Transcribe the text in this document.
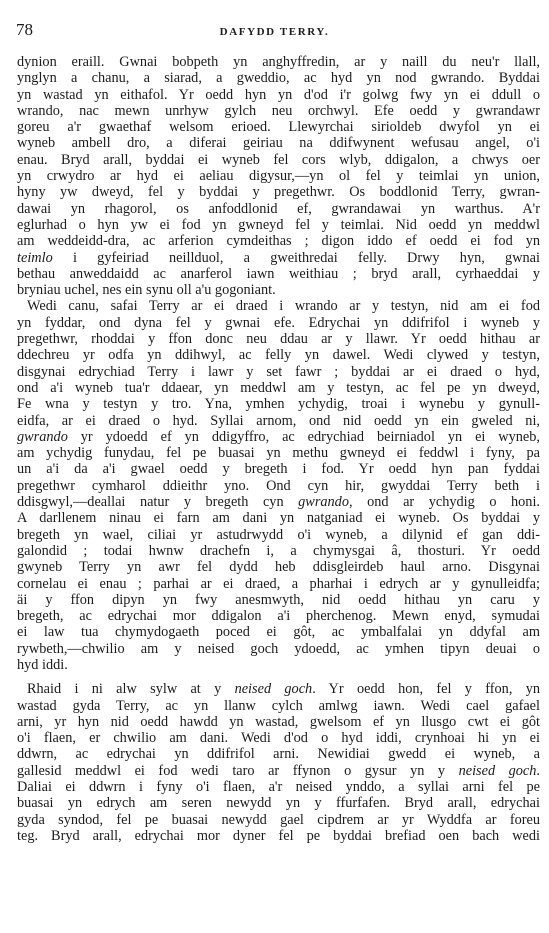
78	DAFYDD TERRY.
dynion eraill. Gwnai bobpeth yn anghyffredin, ar y naill du neu'r llall,
ynglyn a chanu, a siarad, a gweddio, ac hyd yn nod gwrando. Byddai
yn wastad yn eithafol. Yr oedd hyn yn d'od i'r golwg fwy yn ei ddull o
wrando, nac mewn unrhyw gylch neu orchwyl. Efe oedd y gwrandawr
goreu a'r gwaethaf welsom erioed. Llewyrchai sirioldeb dwyfol yn ei
wyneb ambell dro, a diferai geiriau na ddifwynent wefusau angel, o'i
enau. Bryd arall, byddai ei wyneb fel cors wlyb, ddigalon, a chwys oer
yn crwydro ar hyd ei aeliau digysur,—yn ol fel y teimlai yn union,
hyny yw dweyd, fel y byddai y pregethwr. Os boddlonid Terry, gwran-
dawai yn rhagorol, os anfoddlonid ef, gwrandawai yn warthus. A'r
eglurhad o hyn yw ei fod yn gwneyd fel y teimlai. Nid oedd yn meddwl
am weddeidd-dra, ac arferion cymdeithas ; digon iddo ef oedd ei fod yn
teimlo i gyfeiriad neillduol, a gweithredai felly. Drwy hyn, gwnai
bethau anweddaidd ac anarferol iawn weithiau ; bryd arall, cyrhaeddai y
bryniau uchel, nes ein synu oll a'u gogoniant.
Wedi canu, safai Terry ar ei draed i wrando ar y testyn, nid am ei fod
yn fyddar, ond dyna fel y gwnai efe. Edrychai yn ddifrifol i wyneb y
pregethwr, rhoddai y ffon donc neu ddau ar y llawr. Yr oedd hithau ar
ddechreu yr odfa yn ddihwyl, ac felly yn dawel. Wedi clywed y testyn,
disgynai edrychiad Terry i lawr y set fawr ; byddai ar ei draed o hyd,
ond a'i wyneb tua'r ddaear, yn meddwl am y testyn, ac fel pe yn dweyd,
Fe wna y testyn y tro. Yna, ymhen ychydig, troai i wynebu y gynull-
eidfa, ar ei draed o hyd. Syllai arnom, ond nid oedd yn ein gweled ni,
gwrando yr ydoedd ef yn ddigyffro, ac edrychiad beirniadol yn ei wyneb,
am ychydig funydau, fel pe buasai yn methu gwneyd ei feddwl i fyny, pa
un a'i da a'i gwael oedd y bregeth i fod. Yr oedd hyn pan fyddai
pregethwr cymharol ddieithr yno. Ond cyn hir, gwyddai Terry beth i
ddisgwyl,—deallai natur y bregeth cyn gwrando, ond ar ychydig o honi.
A darllenem ninau ei farn am dani yn natganiad ei wyneb. Os byddai y
bregeth yn wael, ciliai yr astudrwydd o'i wyneb, a dilynid ef gan ddi-
galondid ; todai hwnw drachefn i, a chymysgai â, thosturi. Yr oedd
gwyneb Terry yn awr fel dydd heb ddisgleirdeb haul arno. Disgynai
cornelau ei enau ; parhai ar ei draed, a pharhai i edrych ar y gynulleidfa;
äi y ffon dipyn yn fwy anesmwyth, nid oedd hithau yn caru y
bregeth, ac edrychai mor ddigalon a'i pherchenog. Mewn enyd, symudai
ei law tua chymydogaeth poced ei gôt, ac ymbalfalai yn ddyfal am
rywbeth,—chwilio am y neised goch ydoedd, ac ymhen tipyn deuai o
hyd iddi.
Rhaid i ni alw sylw at y neised goch. Yr oedd hon, fel y ffon, yn
wastad gyda Terry, ac yn llanw cylch amlwg iawn. Wedi cael gafael
arni, yr hyn nid oedd hawdd yn wastad, gwelsom ef yn llusgo cwt ei gôt
o'i flaen, er chwilio am dani. Wedi d'od o hyd iddi, crynhoai hi yn ei
ddwrn, ac edrychai yn ddifrifol arni. Newidiai gwedd ei wyneb, a
gallesid meddwl ei fod wedi taro ar ffynon o gysur yn y neised goch.
Daliai ei ddwrn i fyny o'i flaen, a'r neised ynddo, a syllai arni fel pe
buasai yn edrych am seren newydd yn y ffurfafen. Bryd arall, edrychai
gyda syndod, fel pe buasai newydd gael cipdrem ar yr Wyddfa ar foreu
teg. Bryd arall, edrychai mor dyner fel pe byddai brefiad oen bach wedi
